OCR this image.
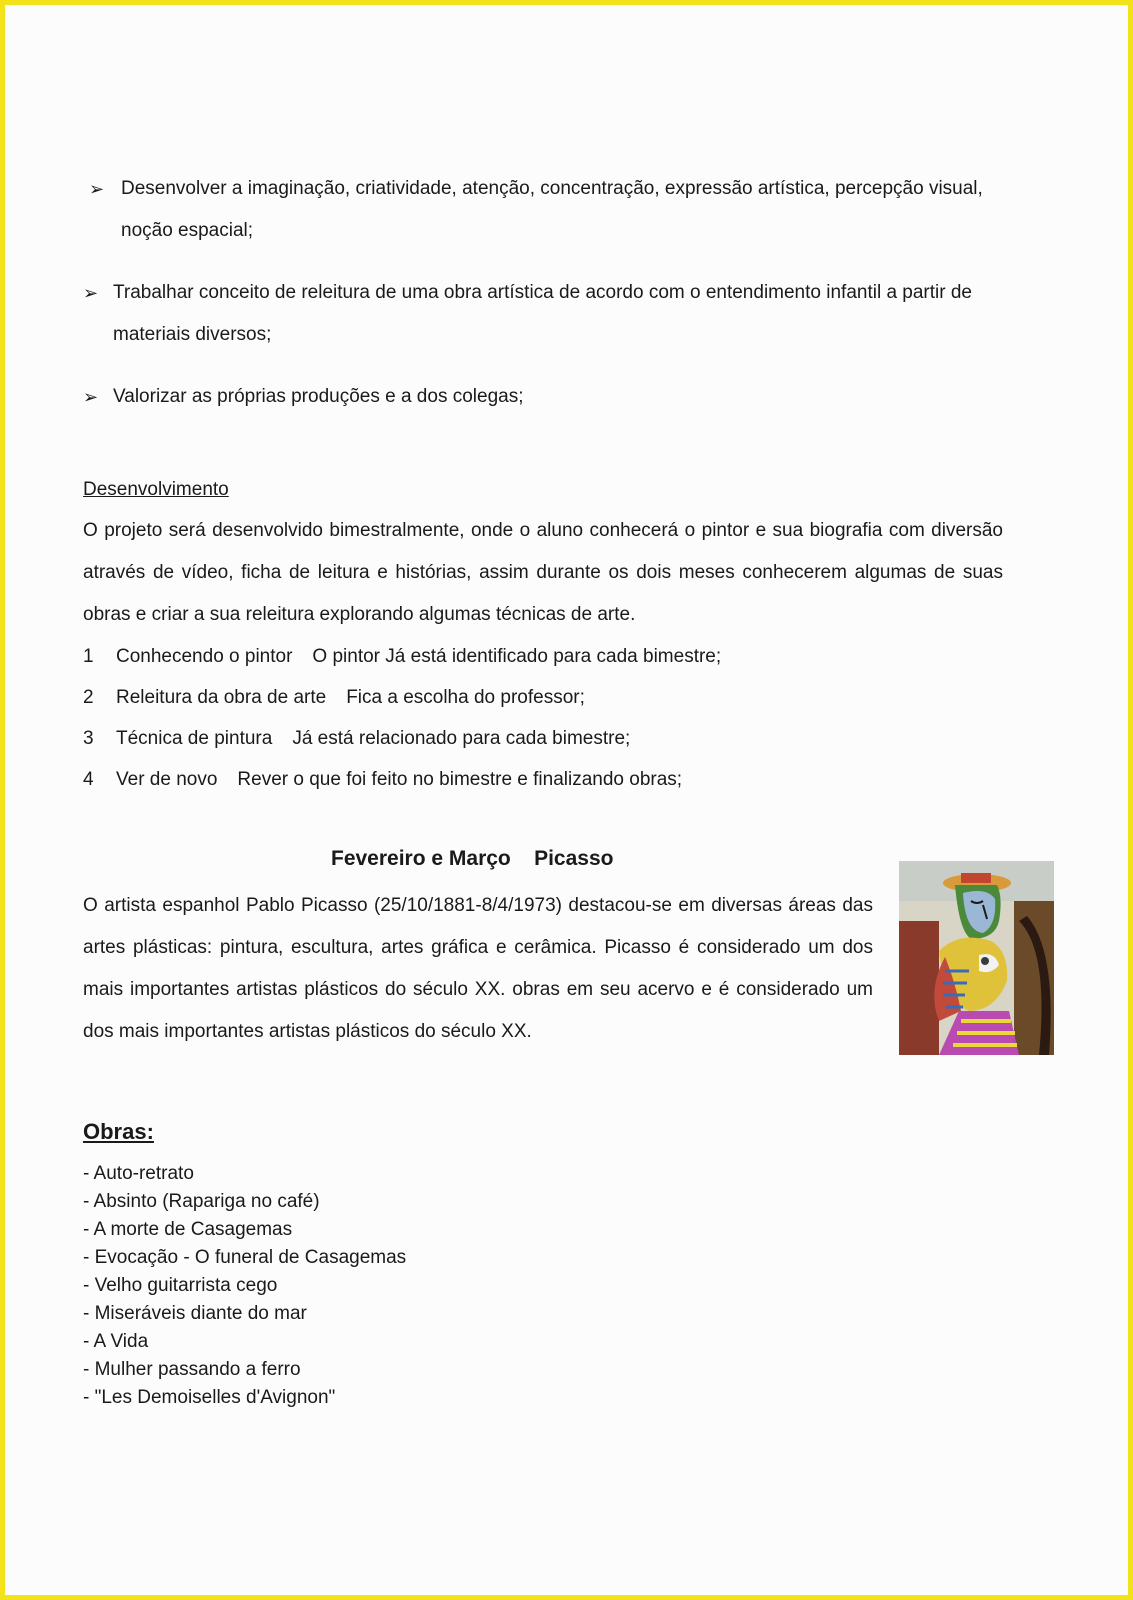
➢ Desenvolver a imaginação, criatividade, atenção, concentração, expressão artística, percepção visual, noção espacial;
➢ Trabalhar conceito de releitura de uma obra artística de acordo com o entendimento infantil a partir de materiais diversos;
➢ Valorizar as próprias produções e a dos colegas;
Desenvolvimento
O projeto será desenvolvido bimestralmente, onde o aluno conhecerá o pintor e sua biografia com diversão através de vídeo, ficha de leitura e histórias, assim durante os dois meses conhecerem algumas de suas obras e criar a sua releitura explorando algumas técnicas de arte.
1 Conhecendo o pintor O pintor Já está identificado para cada bimestre;
2 Releitura da obra de arte Fica a escolha do professor;
3 Técnica de pintura Já está relacionado para cada bimestre;
4 Ver de novo Rever o que foi feito no bimestre e finalizando obras;
Fevereiro e Março    Picasso
O artista espanhol Pablo Picasso (25/10/1881-8/4/1973) destacou-se em diversas áreas das artes plásticas: pintura, escultura, artes gráfica e cerâmica. Picasso é considerado um dos mais importantes artistas plásticos do século XX. obras em seu acervo e é considerado um dos mais importantes artistas plásticos do século XX.
Obras:
- Auto-retrato
- Absinto (Rapariga no café)
- A morte de Casagemas
- Evocação - O funeral de Casagemas
- Velho guitarrista cego
- Miseráveis diante do mar
- A Vida
- Mulher passando a ferro
- "Les Demoiselles d'Avignon"
